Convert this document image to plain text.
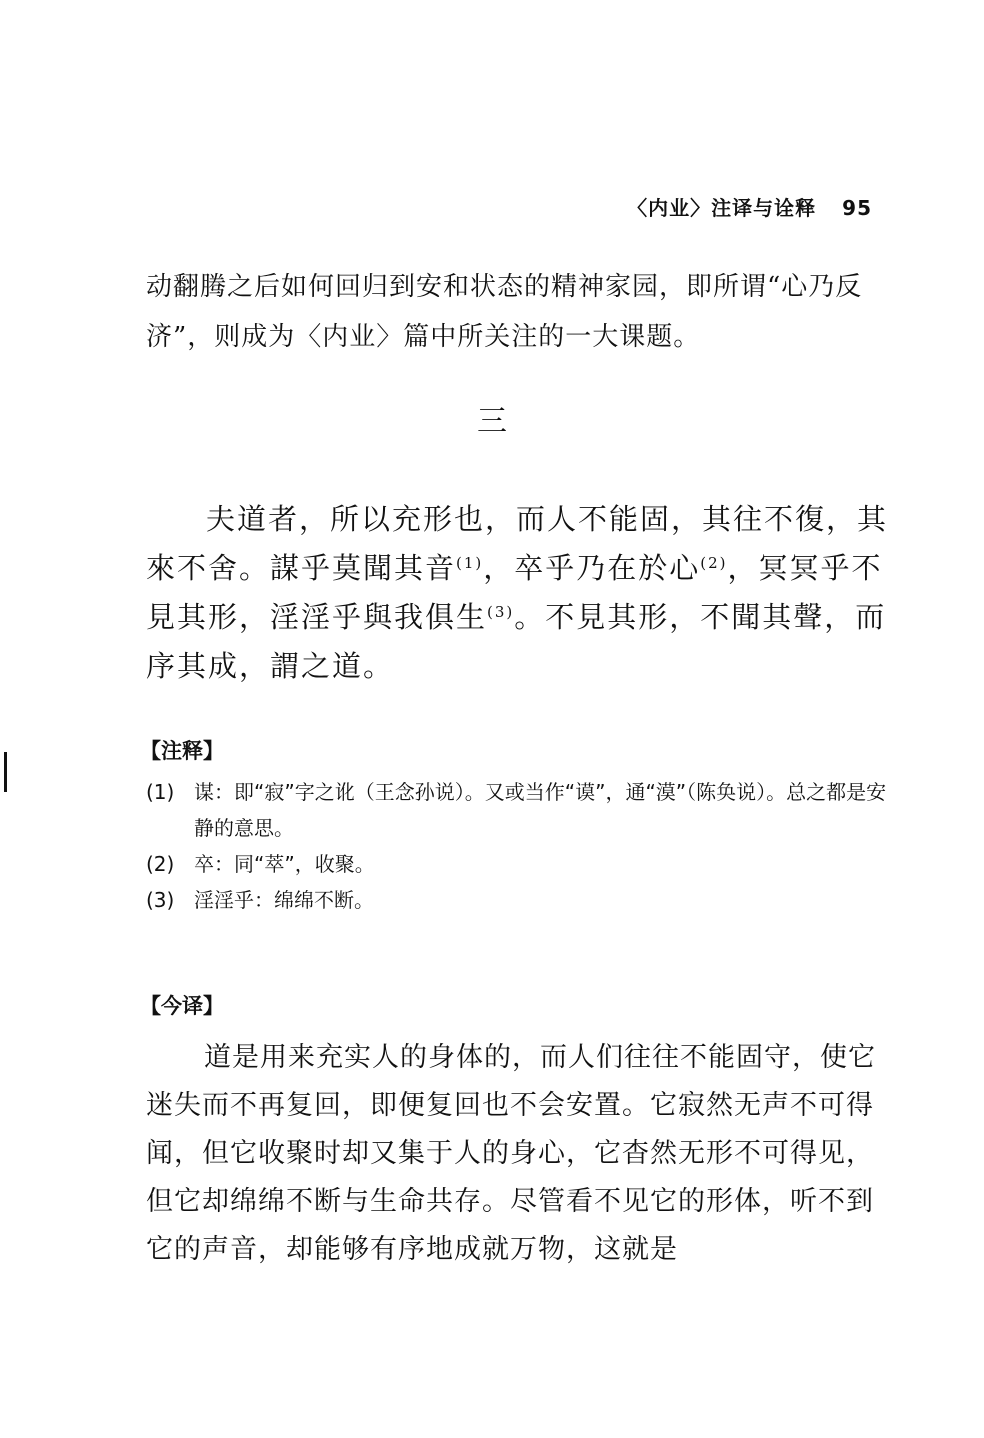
〈内业〉注译与诠释 95

动翻腾之后如何回归到安和状态的精神家园，即所谓“心乃反济”，则成为〈内业〉篇中所关注的一大课题。

三

夫道者，所以充形也，而人不能固，其往不復，其來不舍。謀乎莫聞其音$^{(1)}$，卒乎乃在於心$^{(2)}$，冥冥乎不見其形，淫淫乎與我俱生$^{(3)}$。不見其形，不聞其聲，而序其成，謂之道。

【注释】
(1) 谋：即“寂”字之讹（王念孙说）。又或当作“谟”，通“漠”（陈奂说）。总之都是安静的意思。
(2) 卒：同“萃”，收聚。
(3) 淫淫乎：绵绵不断。
【今译】

道是用来充实人的身体的，而人们往往不能固守，使它迷失而不再复回，即便复回也不会安置。它寂然无声不可得闻，但它收聚时却又集于人的身心，它杳然无形不可得见，但它却绵绵不断与生命共存。尽管看不见它的形体，听不到它的声音，却能够有序地成就万物，这就是
